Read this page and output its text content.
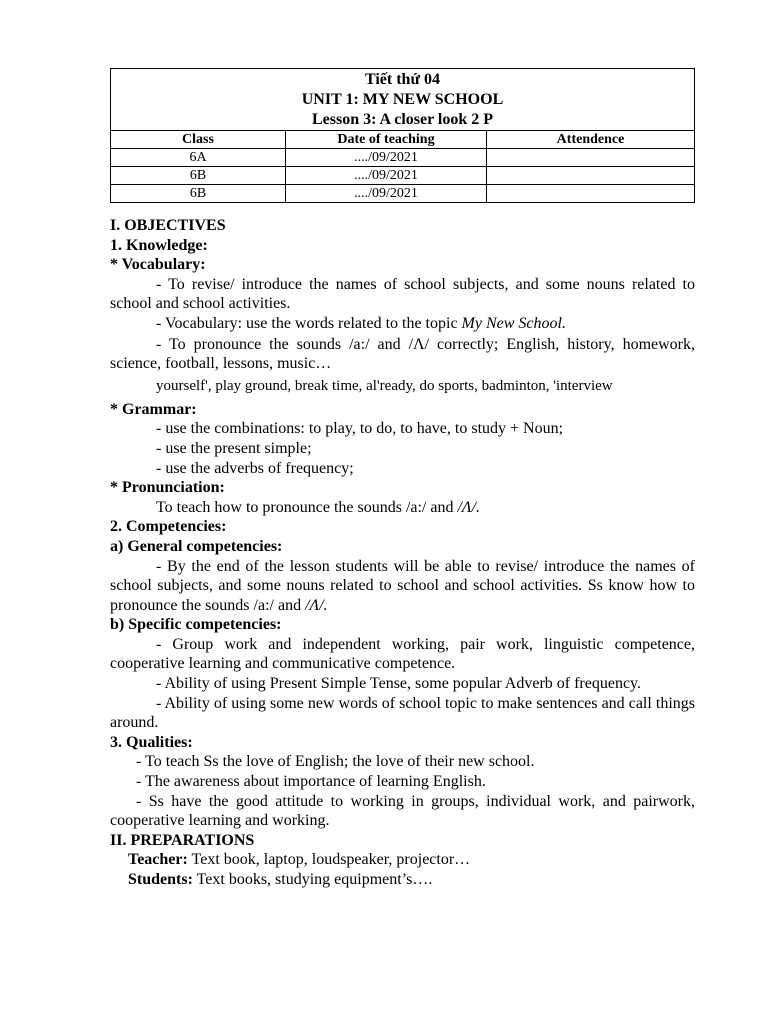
Tiết thứ 04
UNIT 1: MY NEW SCHOOL
Lesson 3: A closer look 2 P		

Class	Date of teaching	Attendence
6A	..../09/2021	
6B	..../09/2021	
6B	..../09/2021	
I. OBJECTIVES
1. Knowledge:
* Vocabulary:
- To revise/ introduce the names of school subjects, and some nouns related to school and school activities.
- Vocabulary: use the words related to the topic My New School.
- To pronounce the sounds /a:/ and /Λ/ correctly; English, history, homework, science, football, lessons, music…
yourself', play ground, break time, al'ready, do sports, badminton, 'interview
* Grammar:
- use the combinations: to play, to do, to have, to study + Noun;
- use the present simple;
- use the adverbs of frequency;
* Pronunciation:
To teach how to pronounce the sounds /a:/ and /Λ/.
2. Competencies:
a) General competencies:
- By the end of the lesson students will be able to revise/ introduce the names of school subjects, and some nouns related to school and school activities. Ss know how to pronounce the sounds /a:/ and /Λ/.
b) Specific competencies:
- Group work and independent working, pair work, linguistic competence, cooperative learning and communicative competence.
- Ability of using Present Simple Tense, some popular Adverb of frequency.
- Ability of using some new words of school topic to make sentences and call things around.
3. Qualities:
- To teach Ss the love of English; the love of their new school.
- The awareness about importance of learning English.
- Ss have the good attitude to working in groups, individual work, and pairwork, cooperative learning and working.
II. PREPARATIONS
Teacher: Text book, laptop, loudspeaker, projector…
Students: Text books, studying equipment’s….
